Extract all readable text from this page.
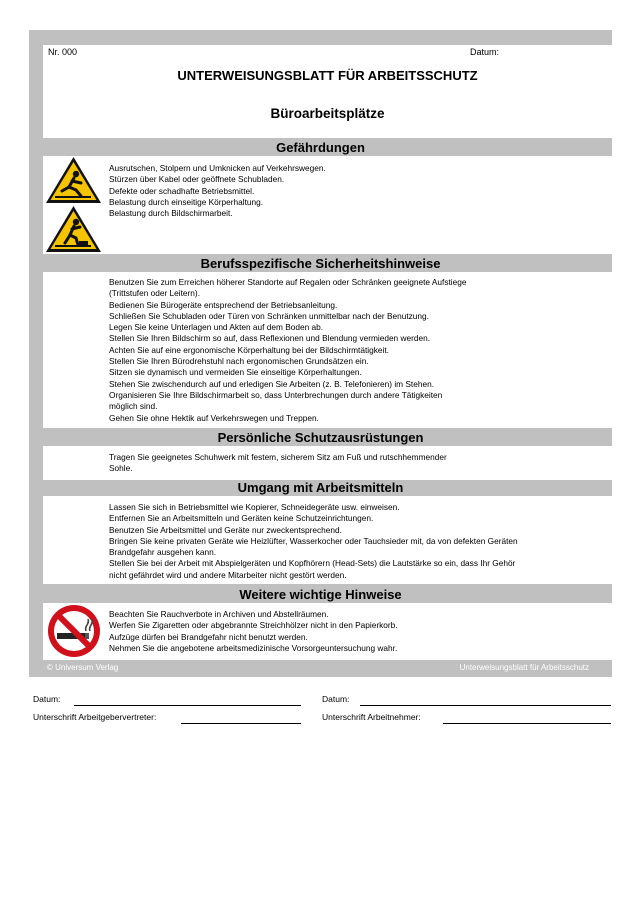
Nr. 000	Datum:
UNTERWEISUNGSBLATT FÜR ARBEITSSCHUTZ
Büroarbeitsplätze
Gefährdungen
Ausrutschen, Stolpern und Umknicken auf Verkehrswegen.
Stürzen über Kabel oder geöffnete Schubladen.
Defekte oder schadhafte Betriebsmittel.
Belastung durch einseitige Körperhaltung.
Belastung durch Bildschirmarbeit.
Berufsspezifische Sicherheitshinweise
Benutzen Sie zum Erreichen höherer Standorte auf Regalen oder Schränken geeignete Aufstiege
(Trittstufen oder Leitern).
Bedienen Sie Bürogeräte entsprechend der Betriebsanleitung.
Schließen Sie Schubladen oder Türen von Schränken unmittelbar nach der Benutzung.
Legen Sie keine Unterlagen und Akten auf dem Boden ab.
Stellen Sie Ihren Bildschirm so auf, dass Reflexionen und Blendung vermieden werden.
Achten Sie auf eine ergonomische Körperhaltung bei der Bildschirmtätigkeit.
Stellen Sie Ihren Bürodrehstuhl nach ergonomischen Grundsätzen ein.
Sitzen sie dynamisch und vermeiden Sie einseitige Körperhaltungen.
Stehen Sie zwischendurch auf und erledigen Sie Arbeiten (z. B. Telefonieren) im Stehen.
Organisieren Sie Ihre Bildschirmarbeit so, dass Unterbrechungen durch andere Tätigkeiten
möglich sind.
Gehen Sie ohne Hektik auf Verkehrswegen und Treppen.
Persönliche Schutzausrüstungen
Tragen Sie geeignetes Schuhwerk mit festem, sicherem Sitz am Fuß und rutschhemmender
Sohle.
Umgang mit Arbeitsmitteln
Lassen Sie sich in Betriebsmittel wie Kopierer, Schneidegeräte usw. einweisen.
Entfernen Sie an Arbeitsmitteln und Geräten keine Schutzeinrichtungen.
Benutzen Sie Arbeitsmittel und Geräte nur zweckentsprechend.
Bringen Sie keine privaten Geräte wie Heizlüfter, Wasserkocher oder Tauchsieder mit, da von defekten Geräten
Brandgefahr ausgehen kann.
Stellen Sie bei der Arbeit mit Abspielgeräten und Kopfhörern (Head-Sets) die Lautstärke so ein, dass Ihr Gehör
nicht gefährdet wird und andere Mitarbeiter nicht gestört werden.
Weitere wichtige Hinweise
Beachten Sie Rauchverbote in Archiven und Abstellräumen.
Werfen Sie Zigaretten oder abgebrannte Streichhölzer nicht in den Papierkorb.
Aufzüge dürfen bei Brandgefahr nicht benutzt werden.
Nehmen Sie die angebotene arbeitsmedizinische Vorsorgeuntersuchung wahr.
© Universum Verlag	Unterweisungsblatt für Arbeitsschutz
Datum:
Unterschrift Arbeitgebervertreter:
Datum:
Unterschrift Arbeitnehmer:
